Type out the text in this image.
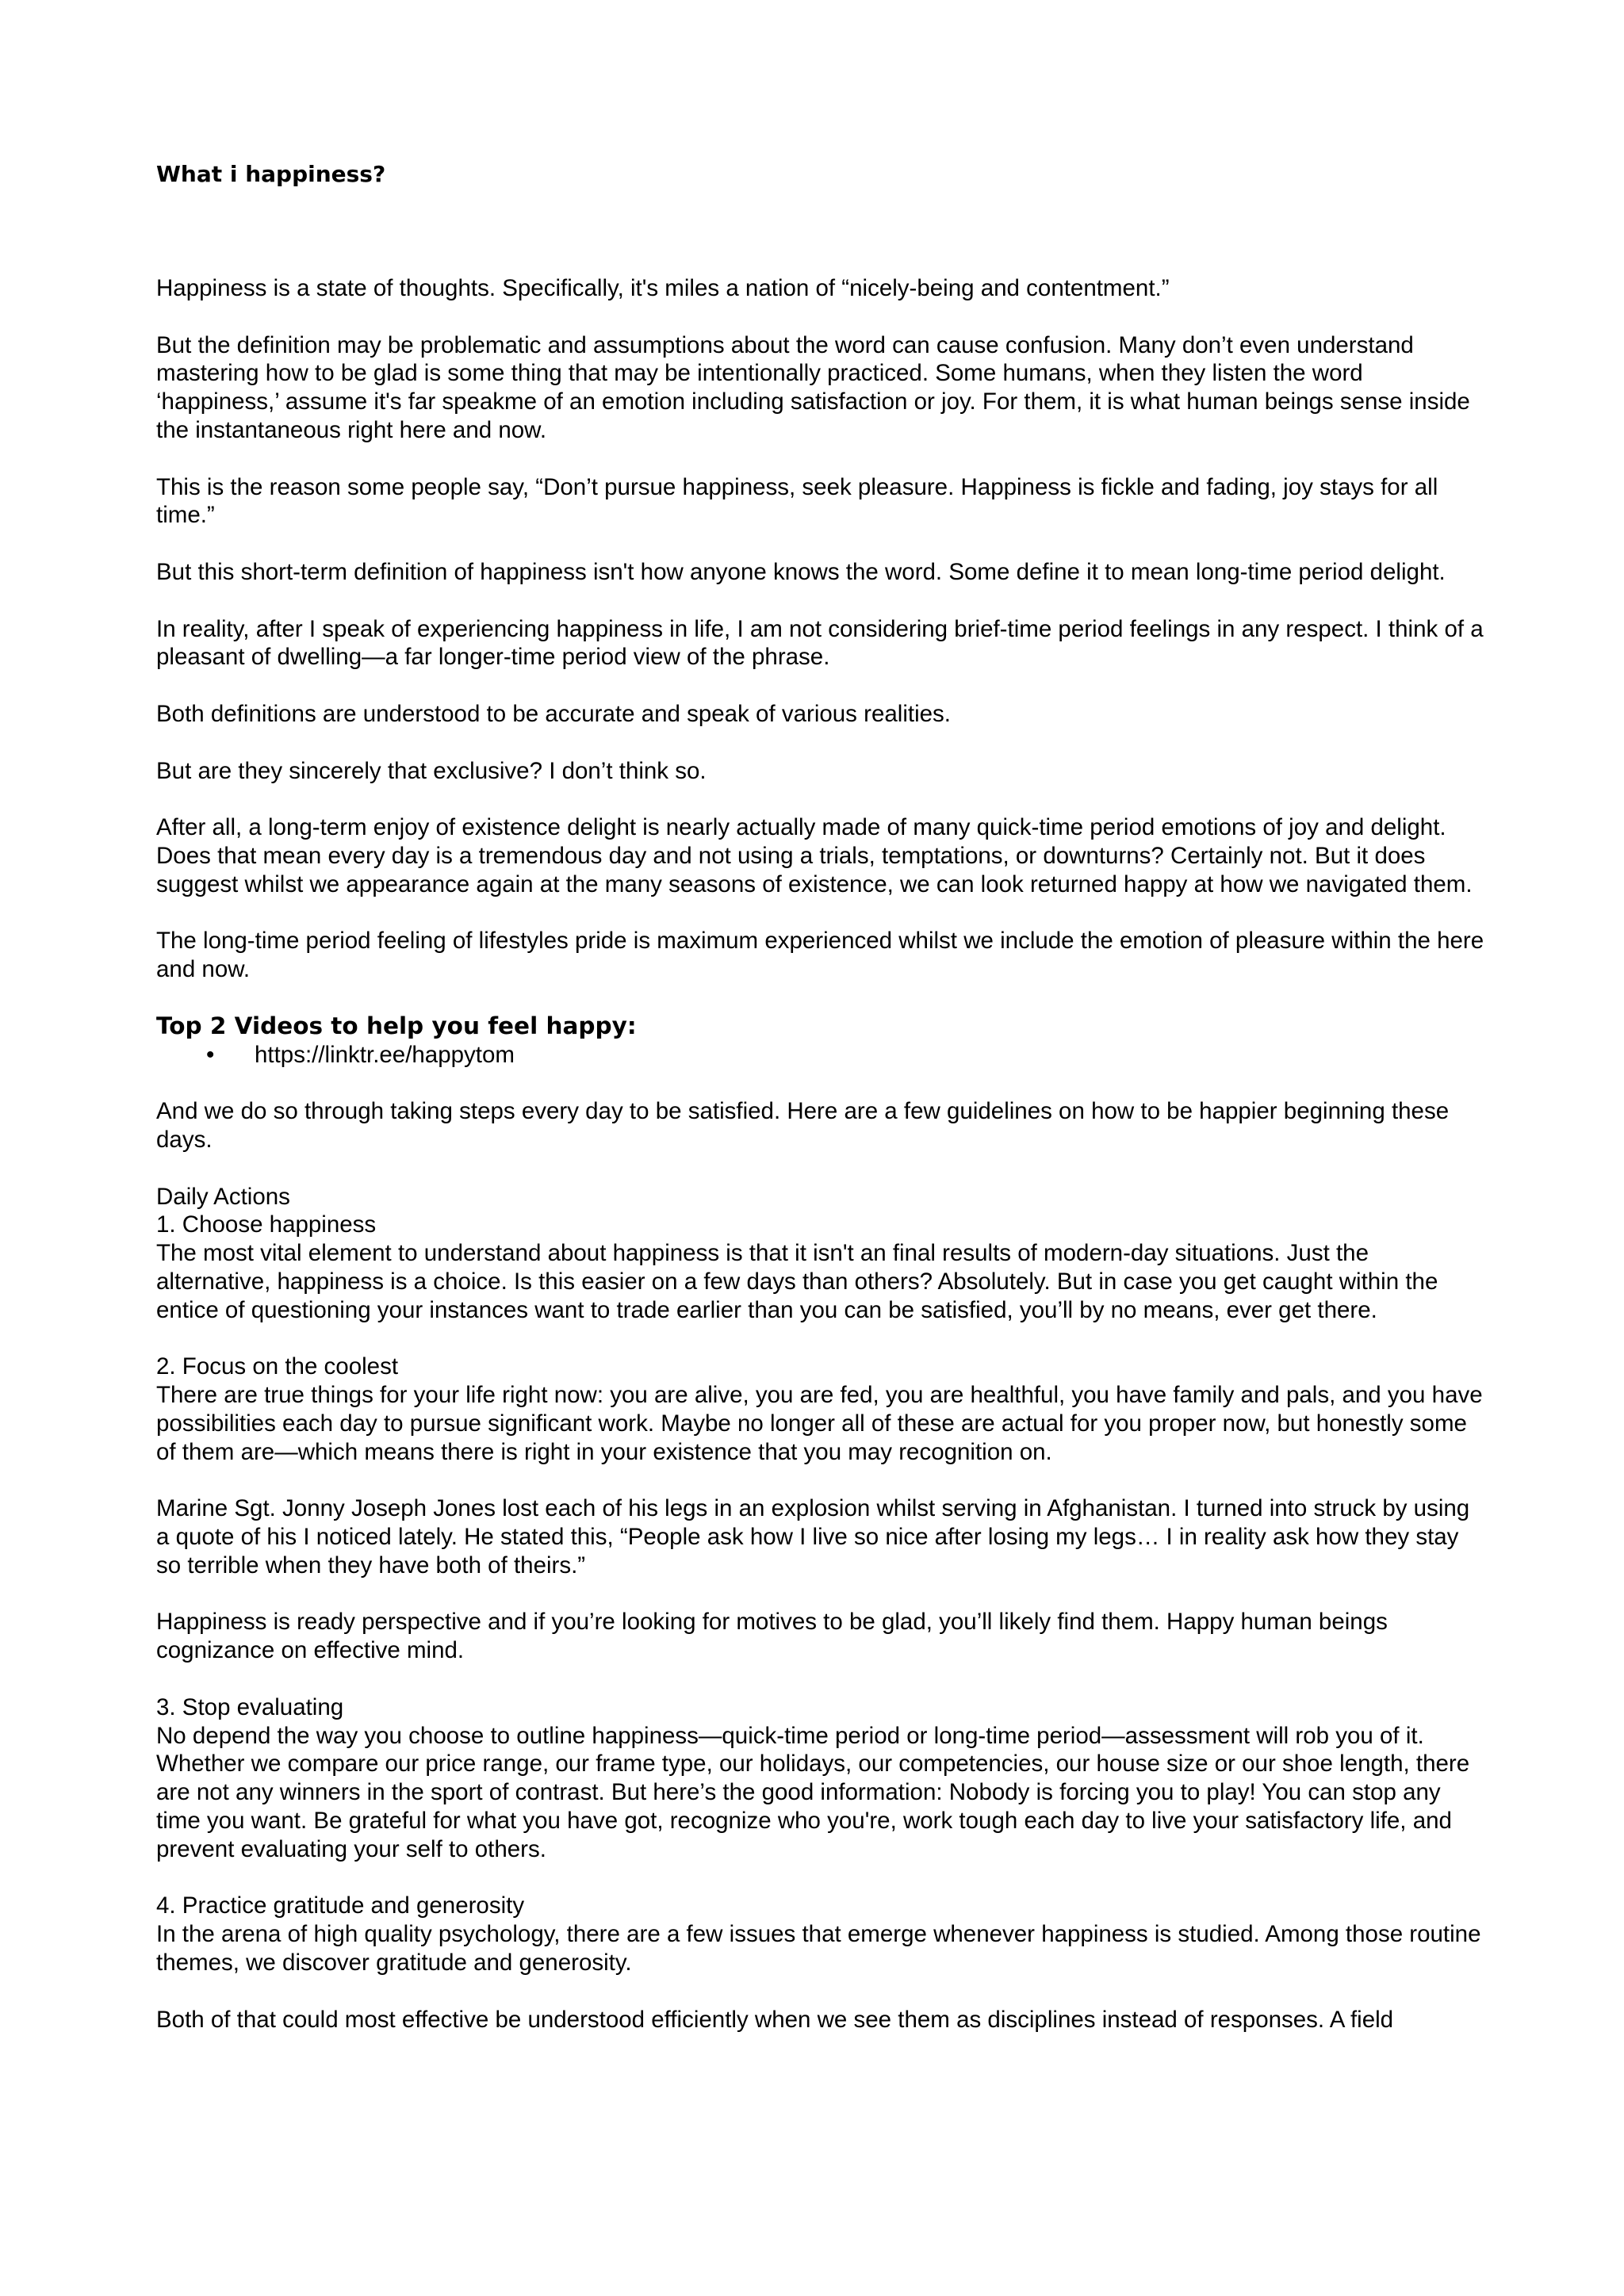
What i happiness?

Happiness is a state of thoughts. Specifically, it's miles a nation of “nicely-being and contentment.”

But the definition may be problematic and assumptions about the word can cause confusion. Many don’t even understand mastering how to be glad is some thing that may be intentionally practiced. Some humans, when they listen the word ‘happiness,’ assume it's far speakme of an emotion including satisfaction or joy. For them, it is what human beings sense inside the instantaneous right here and now.

This is the reason some people say, “Don’t pursue happiness, seek pleasure. Happiness is fickle and fading, joy stays for all time.”

But this short-term definition of happiness isn't how anyone knows the word. Some define it to mean long-time period delight.

In reality, after I speak of experiencing happiness in life, I am not considering brief-time period feelings in any respect. I think of a pleasant of dwelling—a far longer-time period view of the phrase.

Both definitions are understood to be accurate and speak of various realities.

But are they sincerely that exclusive? I don’t think so.

After all, a long-term enjoy of existence delight is nearly actually made of many quick-time period emotions of joy and delight. Does that mean every day is a tremendous day and not using a trials, temptations, or downturns? Certainly not. But it does suggest whilst we appearance again at the many seasons of existence, we can look returned happy at how we navigated them.

The long-time period feeling of lifestyles pride is maximum experienced whilst we include the emotion of pleasure within the here and now.

Top 2 Videos to help you feel happy:
• https://linktr.ee/happytom

And we do so through taking steps every day to be satisfied. Here are a few guidelines on how to be happier beginning these days.

Daily Actions

1. Choose happiness

The most vital element to understand about happiness is that it isn't an final results of modern-day situations. Just the alternative, happiness is a choice. Is this easier on a few days than others? Absolutely. But in case you get caught within the entice of questioning your instances want to trade earlier than you can be satisfied, you’ll by no means, ever get there.

2. Focus on the coolest

There are true things for your life right now: you are alive, you are fed, you are healthful, you have family and pals, and you have possibilities each day to pursue significant work. Maybe no longer all of these are actual for you proper now, but honestly some of them are—which means there is right in your existence that you may recognition on.

Marine Sgt. Jonny Joseph Jones lost each of his legs in an explosion whilst serving in Afghanistan. I turned into struck by using a quote of his I noticed lately. He stated this, “People ask how I live so nice after losing my legs… I in reality ask how they stay so terrible when they have both of theirs.”

Happiness is ready perspective and if you’re looking for motives to be glad, you’ll likely find them. Happy human beings cognizance on effective mind.

3. Stop evaluating

No depend the way you choose to outline happiness—quick-time period or long-time period—assessment will rob you of it. Whether we compare our price range, our frame type, our holidays, our competencies, our house size or our shoe length, there are not any winners in the sport of contrast. But here’s the good information: Nobody is forcing you to play! You can stop any time you want. Be grateful for what you have got, recognize who you're, work tough each day to live your satisfactory life, and prevent evaluating your self to others.

4. Practice gratitude and generosity

In the arena of high quality psychology, there are a few issues that emerge whenever happiness is studied. Among those routine themes, we discover gratitude and generosity.

Both of that could most effective be understood efficiently when we see them as disciplines instead of responses. A field
